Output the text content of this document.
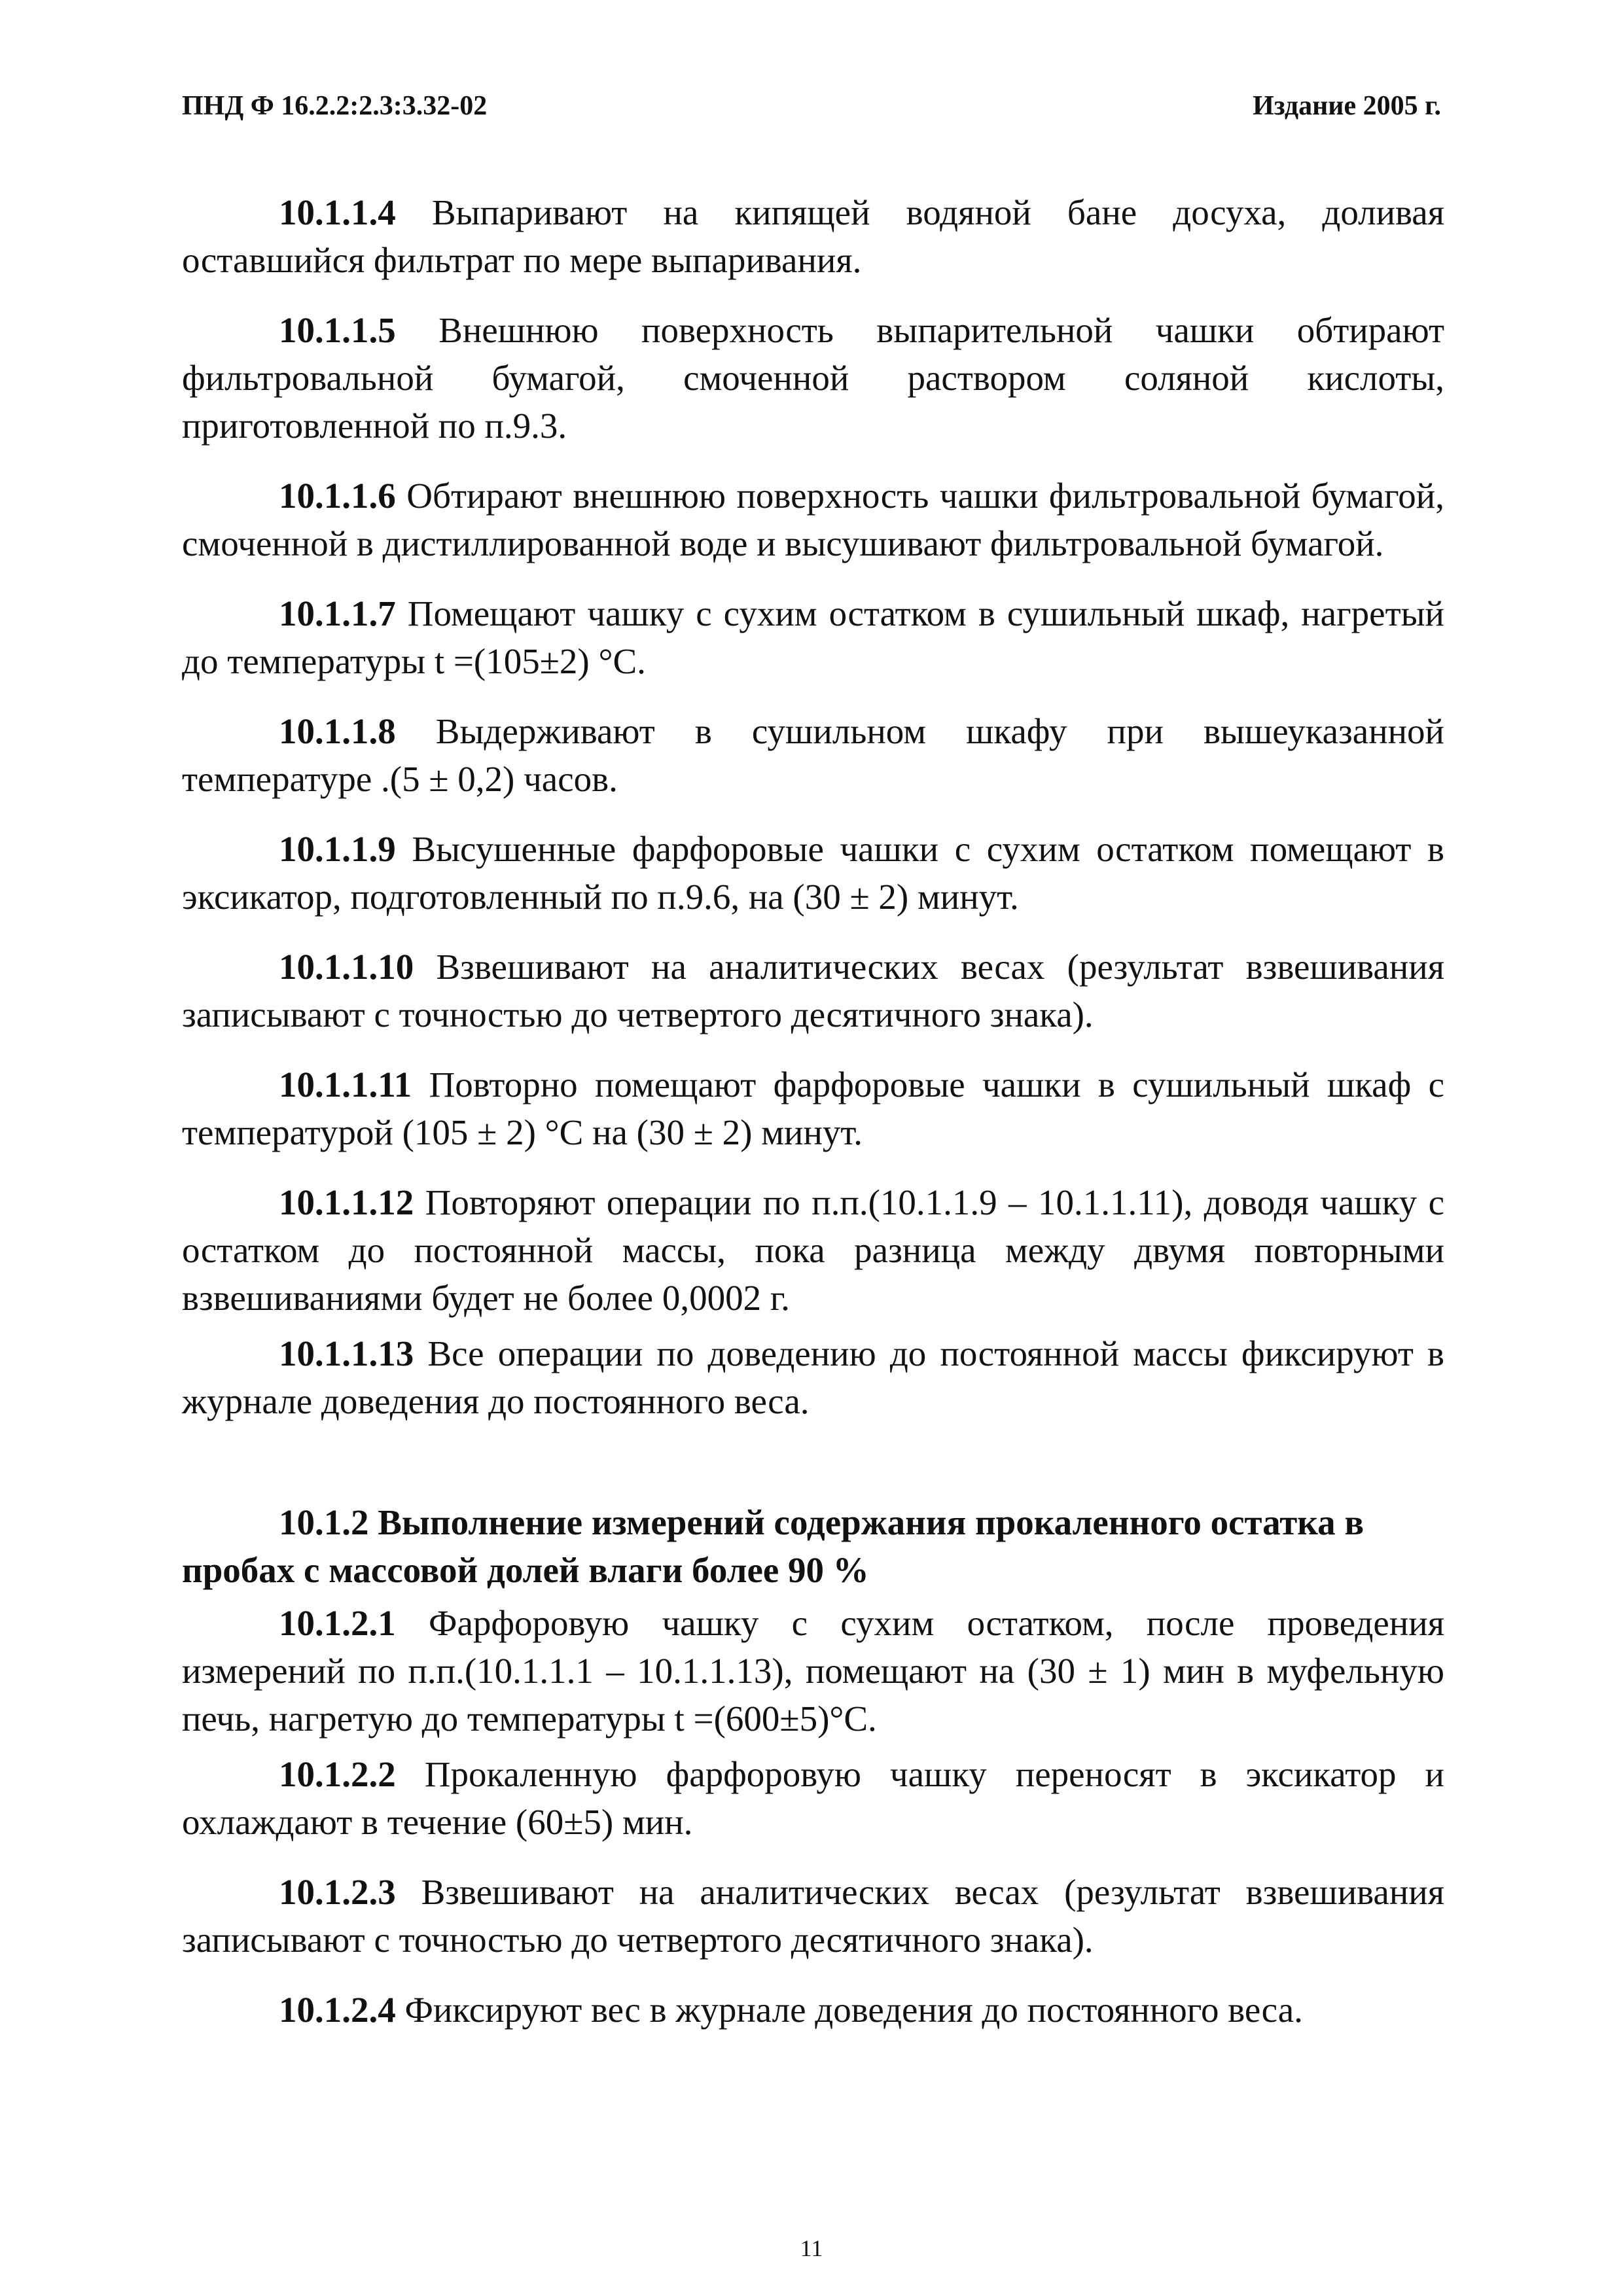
ПНД Ф 16.2.2:2.3:3.32-02	Издание 2005 г.

10.1.1.4 Выпаривают на кипящей водяной бане досуха, доливая оставшийся фильтрат по мере выпаривания.

10.1.1.5 Внешнюю поверхность выпарительной чашки обтирают фильтровальной бумагой, смоченной раствором соляной кислоты, приготовленной по п.9.3.

10.1.1.6 Обтирают внешнюю поверхность чашки фильтровальной бумагой, смоченной в дистиллированной воде и высушивают фильтровальной бумагой.

10.1.1.7 Помещают чашку с сухим остатком в сушильный шкаф, нагретый до температуры t =(105±2) °С.

10.1.1.8 Выдерживают в сушильном шкафу при вышеуказанной температуре .(5 ± 0,2) часов.

10.1.1.9 Высушенные фарфоровые чашки с сухим остатком помещают в эксикатор, подготовленный по п.9.6, на (30 ± 2) минут.

10.1.1.10 Взвешивают на аналитических весах (результат взвешивания записывают с точностью до четвертого десятичного знака).

10.1.1.11 Повторно помещают фарфоровые чашки в сушильный шкаф с температурой (105 ± 2) °С на (30 ± 2) минут.

10.1.1.12 Повторяют операции по п.п.(10.1.1.9 – 10.1.1.11), доводя чашку с остатком до постоянной массы, пока разница между двумя повторными взвешиваниями будет не более 0,0002 г.

10.1.1.13 Все операции по доведению до постоянной массы фиксируют в журнале доведения до постоянного веса.

10.1.2 Выполнение измерений содержания прокаленного остатка в пробах с массовой долей влаги более 90 %

10.1.2.1 Фарфоровую чашку с сухим остатком, после проведения измерений по п.п.(10.1.1.1 – 10.1.1.13), помещают на (30 ± 1) мин в муфельную печь, нагретую до температуры t =(600±5)°С.

10.1.2.2 Прокаленную фарфоровую чашку переносят в эксикатор и охлаждают в течение (60±5) мин.

10.1.2.3 Взвешивают на аналитических весах (результат взвешивания записывают с точностью до четвертого десятичного знака).

10.1.2.4 Фиксируют вес в журнале доведения до постоянного веса.

11
